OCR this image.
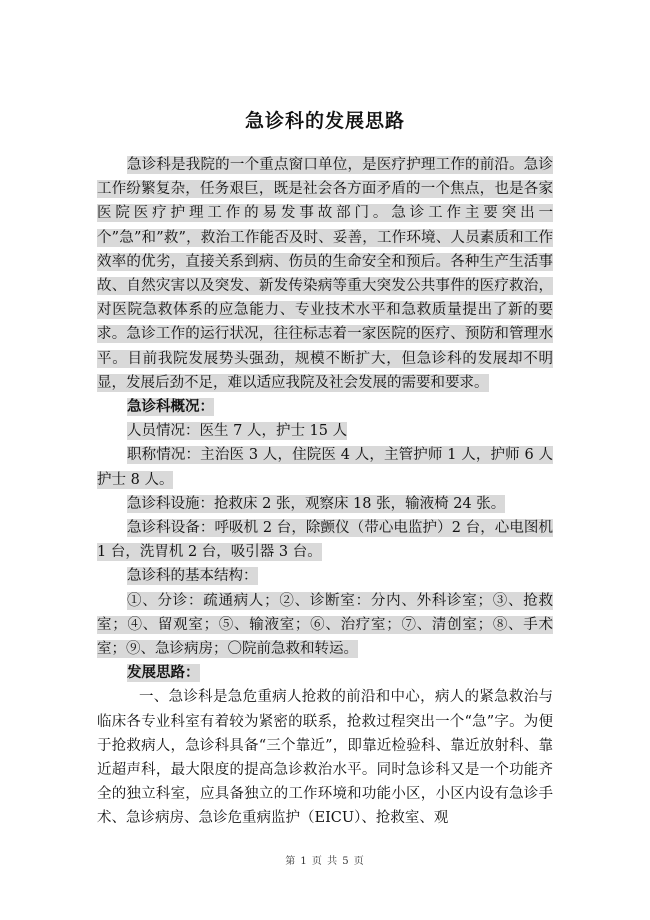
急诊科的发展思路

急诊科是我院的一个重点窗口单位，是医疗护理工作的前沿。急诊工作纷繁复杂，任务艰巨，既是社会各方面矛盾的一个焦点，也是各家医院医疗护理工作的易发事故部门。急诊工作主要突出一个”急”和”救”，救治工作能否及时、妥善，工作环境、人员素质和工作效率的优劣，直接关系到病、伤员的生命安全和预后。各种生产生活事故、自然灾害以及突发、新发传染病等重大突发公共事件的医疗救治，对医院急救体系的应急能力、专业技术水平和急救质量提出了新的要求。急诊工作的运行状况，往往标志着一家医院的医疗、预防和管理水平。目前我院发展势头强劲，规模不断扩大，但急诊科的发展却不明显，发展后劲不足，难以适应我院及社会发展的需要和要求。

急诊科概况：

人员情况：医生 7 人，护士 15 人

职称情况：主治医 3 人，住院医 4 人，主管护师 1 人，护师 6 人护士 8 人。

急诊科设施：抢救床 2 张，观察床 18 张，输液椅 24 张。

急诊科设备：呼吸机 2 台，除颤仪（带心电监护）2 台，心电图机 1 台，洗胃机 2 台，吸引器 3 台。

急诊科的基本结构：

①、分诊：疏通病人；②、诊断室：分内、外科诊室；③、抢救室；④、留观室；⑤、输液室；⑥、治疗室；⑦、清创室；⑧、手术室；⑨、急诊病房；〇院前急救和转运。

发展思路：

一、急诊科是急危重病人抢救的前沿和中心，病人的紧急救治与临床各专业科室有着较为紧密的联系，抢救过程突出一个“急”字。为便于抢救病人，急诊科具备“三个靠近”，即靠近检验科、靠近放射科、靠近超声科，最大限度的提高急诊救治水平。同时急诊科又是一个功能齐全的独立科室，应具备独立的工作环境和功能小区，小区内设有急诊手术、急诊病房、急诊危重病监护（EICU）、抢救室、观

第 1 页 共 5 页
